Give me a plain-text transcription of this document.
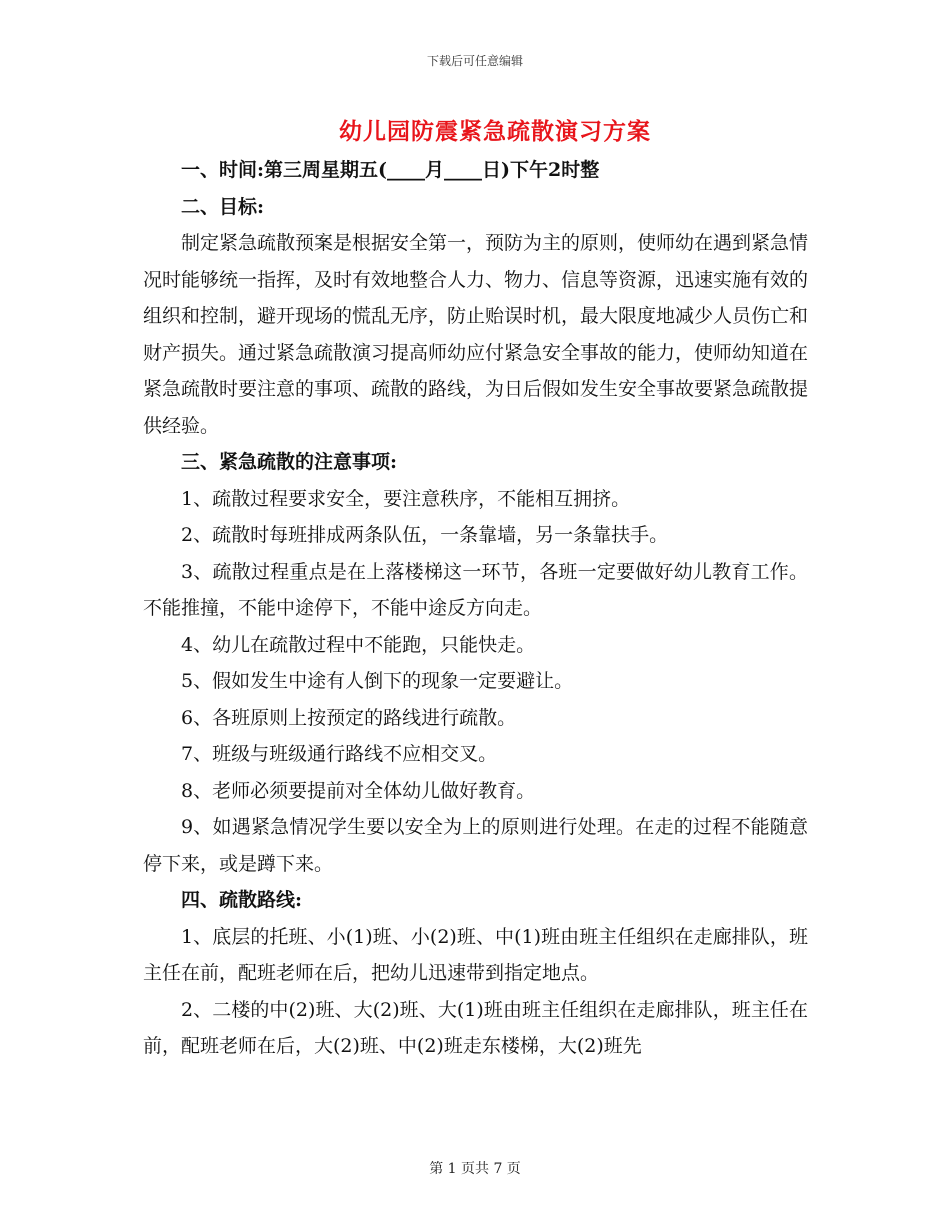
下载后可任意编辑
幼儿园防震紧急疏散演习方案

一、时间:第三周星期五(____月____日)下午2时整

二、目标:

制定紧急疏散预案是根据安全第一，预防为主的原则，使师幼在遇到紧急情况时能够统一指挥，及时有效地整合人力、物力、信息等资源，迅速实施有效的组织和控制，避开现场的慌乱无序，防止贻误时机，最大限度地减少人员伤亡和财产损失。通过紧急疏散演习提高师幼应付紧急安全事故的能力，使师幼知道在紧急疏散时要注意的事项、疏散的路线，为日后假如发生安全事故要紧急疏散提供经验。

三、紧急疏散的注意事项:

1、疏散过程要求安全，要注意秩序，不能相互拥挤。

2、疏散时每班排成两条队伍，一条靠墙，另一条靠扶手。

3、疏散过程重点是在上落楼梯这一环节，各班一定要做好幼儿教育工作。不能推撞，不能中途停下，不能中途反方向走。

4、幼儿在疏散过程中不能跑，只能快走。

5、假如发生中途有人倒下的现象一定要避让。

6、各班原则上按预定的路线进行疏散。

7、班级与班级通行路线不应相交叉。

8、老师必须要提前对全体幼儿做好教育。

9、如遇紧急情况学生要以安全为上的原则进行处理。在走的过程不能随意停下来，或是蹲下来。

四、疏散路线:

1、底层的托班、小(1)班、小(2)班、中(1)班由班主任组织在走廊排队，班主任在前，配班老师在后，把幼儿迅速带到指定地点。

2、二楼的中(2)班、大(2)班、大(1)班由班主任组织在走廊排队，班主任在前，配班老师在后，大(2)班、中(2)班走东楼梯，大(2)班先

第 1 页共 7 页
